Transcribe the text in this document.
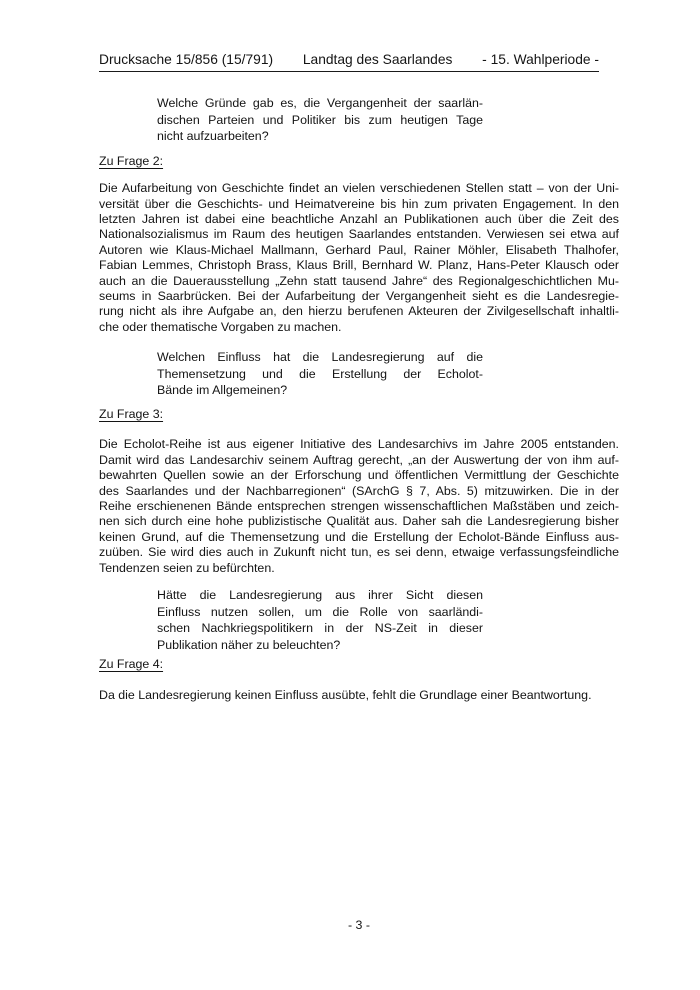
Drucksache 15/856 (15/791) Landtag des Saarlandes - 15. Wahlperiode -
Welche Gründe gab es, die Vergangenheit der saarlän-
dischen Parteien und Politiker bis zum heutigen Tage
nicht aufzuarbeiten?
Zu Frage 2:
Die Aufarbeitung von Geschichte findet an vielen verschiedenen Stellen statt – von der Uni-
versität über die Geschichts- und Heimatvereine bis hin zum privaten Engagement. In den
letzten Jahren ist dabei eine beachtliche Anzahl an Publikationen auch über die Zeit des
Nationalsozialismus im Raum des heutigen Saarlandes entstanden. Verwiesen sei etwa auf
Autoren wie Klaus-Michael Mallmann, Gerhard Paul, Rainer Möhler, Elisabeth Thalhofer,
Fabian Lemmes, Christoph Brass, Klaus Brill, Bernhard W. Planz, Hans-Peter Klausch oder
auch an die Dauerausstellung „Zehn statt tausend Jahre“ des Regionalgeschichtlichen Mu-
seums in Saarbrücken. Bei der Aufarbeitung der Vergangenheit sieht es die Landesregie-
rung nicht als ihre Aufgabe an, den hierzu berufenen Akteuren der Zivilgesellschaft inhaltli-
che oder thematische Vorgaben zu machen.
Welchen Einfluss hat die Landesregierung auf die
Themensetzung und die Erstellung der Echolot-
Bände im Allgemeinen?
Zu Frage 3:
Die Echolot-Reihe ist aus eigener Initiative des Landesarchivs im Jahre 2005 entstanden.
Damit wird das Landesarchiv seinem Auftrag gerecht, „an der Auswertung der von ihm auf-
bewahrten Quellen sowie an der Erforschung und öffentlichen Vermittlung der Geschichte
des Saarlandes und der Nachbarregionen“ (SArchG § 7, Abs. 5) mitzuwirken. Die in der
Reihe erschienenen Bände entsprechen strengen wissenschaftlichen Maßstäben und zeich-
nen sich durch eine hohe publizistische Qualität aus. Daher sah die Landesregierung bisher
keinen Grund, auf die Themensetzung und die Erstellung der Echolot-Bände Einfluss aus-
zuüben. Sie wird dies auch in Zukunft nicht tun, es sei denn, etwaige verfassungsfeindliche
Tendenzen seien zu befürchten.
Hätte die Landesregierung aus ihrer Sicht diesen
Einfluss nutzen sollen, um die Rolle von saarländi-
schen Nachkriegspolitikern in der NS-Zeit in dieser
Publikation näher zu beleuchten?
Zu Frage 4:
Da die Landesregierung keinen Einfluss ausübte, fehlt die Grundlage einer Beantwortung.
- 3 -
